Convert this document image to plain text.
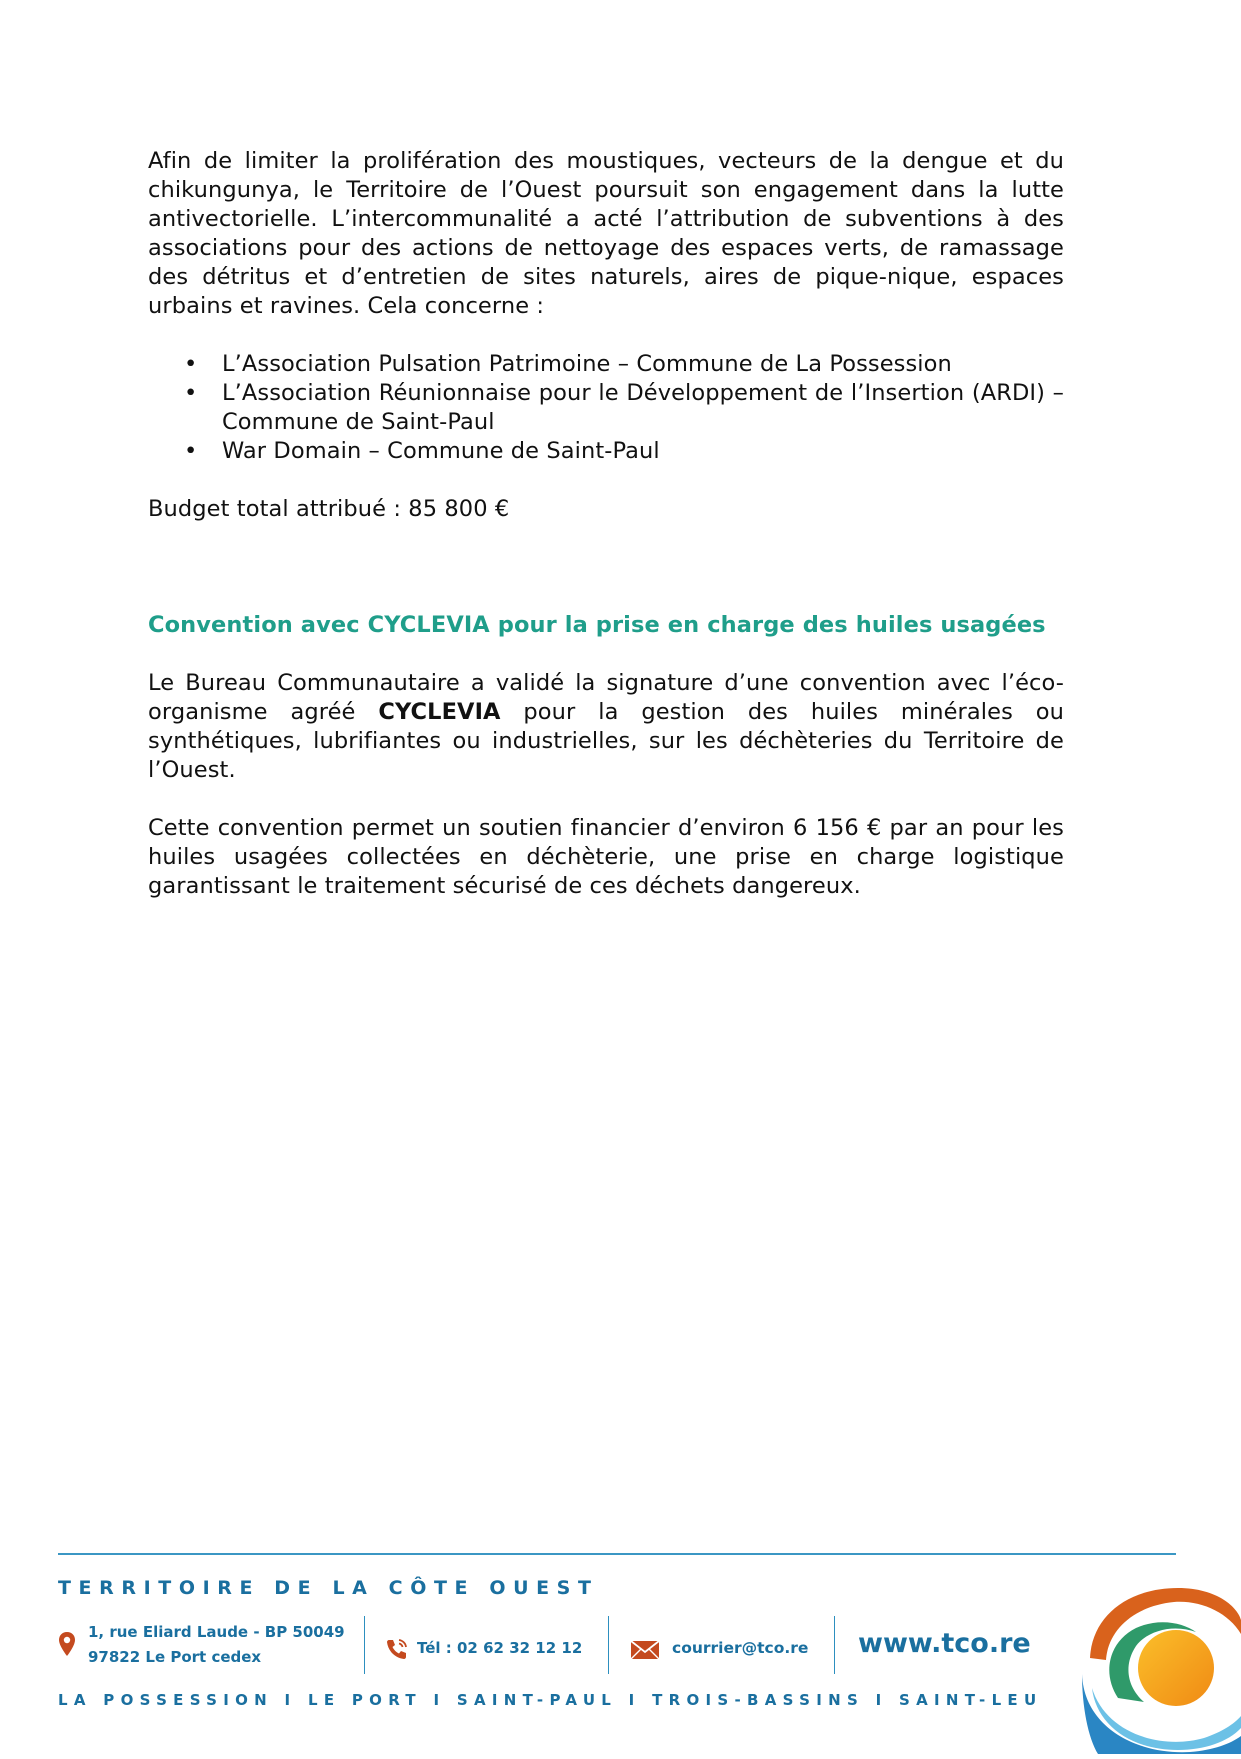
Afin de limiter la prolifération des moustiques, vecteurs de la dengue et du chikungunya, le Territoire de l’Ouest poursuit son engagement dans la lutte antivectorielle. L’intercommunalité a acté l’attribution de subventions à des associations pour des actions de nettoyage des espaces verts, de ramassage des détritus et d’entretien de sites naturels, aires de pique-nique, espaces urbains et ravines. Cela concerne :

• L’Association Pulsation Patrimoine – Commune de La Possession
• L’Association Réunionnaise pour le Développement de l’Insertion (ARDI) – Commune de Saint-Paul
• War Domain – Commune de Saint-Paul

Budget total attribué : 85 800 €

Convention avec CYCLEVIA pour la prise en charge des huiles usagées

Le Bureau Communautaire a validé la signature d’une convention avec l’éco-organisme agréé CYCLEVIA pour la gestion des huiles minérales ou synthétiques, lubrifiantes ou industrielles, sur les déchèteries du Territoire de l’Ouest.

Cette convention permet un soutien financier d’environ 6 156 € par an pour les huiles usagées collectées en déchèterie, une prise en charge logistique garantissant le traitement sécurisé de ces déchets dangereux.

TERRITOIRE DE LA CÔTE OUEST
1, rue Eliard Laude - BP 50049
97822 Le Port cedex	Tél : 02 62 32 12 12	courrier@tco.re www.tco.re
LA POSSESSION I LE PORT I SAINT-PAUL I TROIS-BASSINS I SAINT-LEU
